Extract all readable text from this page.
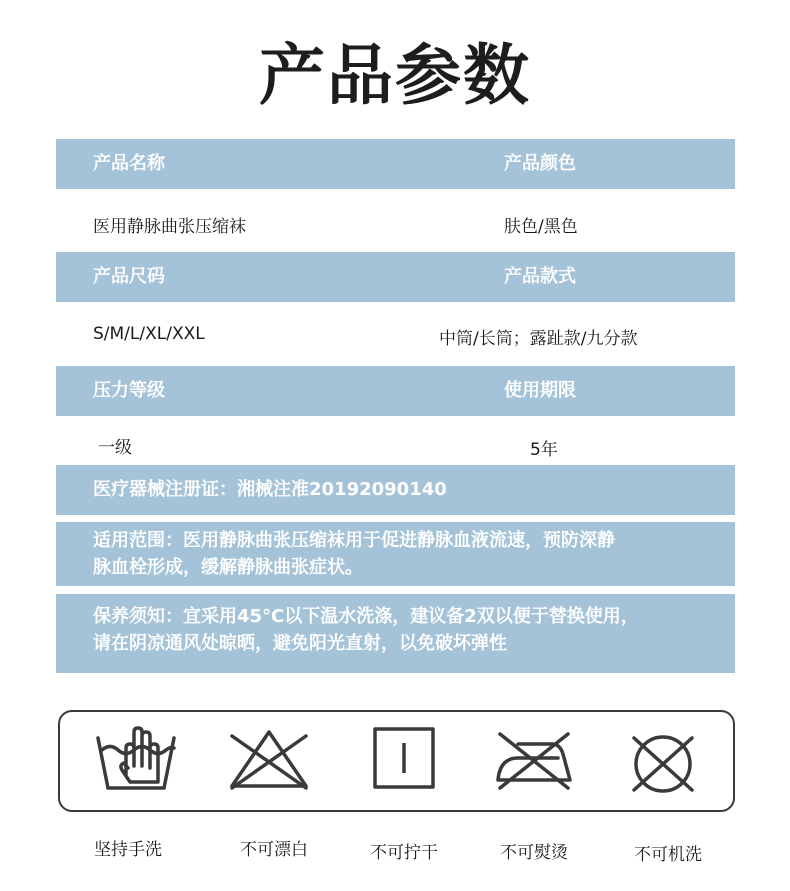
产品参数
产品名称	产品颜色
医用静脉曲张压缩袜	肤色/黑色
产品尺码	产品款式
S/M/L/XL/XXL	中筒/长筒；露趾款/九分款
压力等级	使用期限
一级	5年
医疗器械注册证：湘械注准20192090140
适用范围：医用静脉曲张压缩袜用于促进静脉血液流速，预防深静
脉血栓形成，缓解静脉曲张症状。
保养须知：宜采用45°C以下温水洗涤，建议备2双以便于替换使用，
请在阴凉通风处晾晒，避免阳光直射，以免破坏弹性
坚持手洗	不可漂白	不可拧干	不可熨烫	不可机洗
